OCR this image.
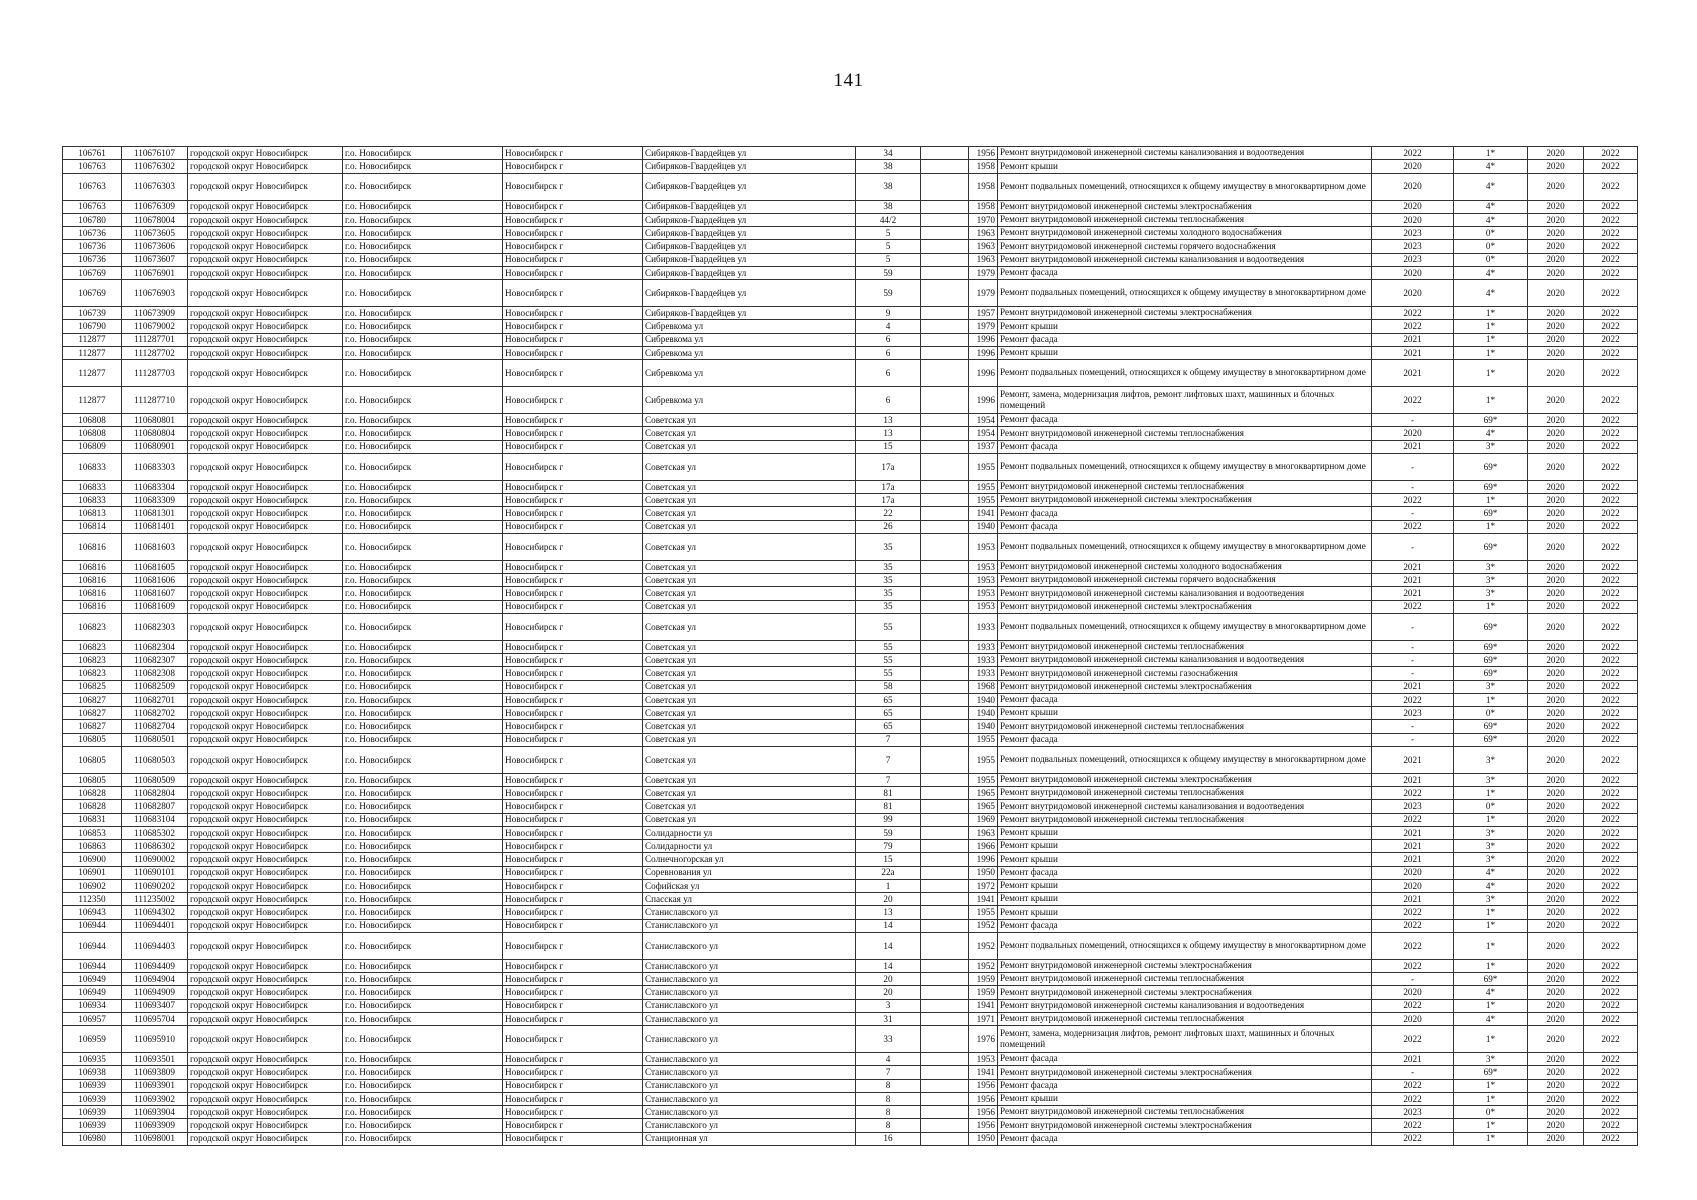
141
106761	110676107	городской округ Новосибирск	г.о. Новосибирск	Новосибирск г	Сибиряков-Гвардейцев ул	34		1956	Ремонт внутридомовой инженерной системы канализования и водоотведения	2022	1*	2020	2022
106763	110676302	городской округ Новосибирск	г.о. Новосибирск	Новосибирск г	Сибиряков-Гвардейцев ул	38		1958	Ремонт крыши	2020	4*	2020	2022
106763	110676303	городской округ Новосибирск	г.о. Новосибирск	Новосибирск г	Сибиряков-Гвардейцев ул	38		1958	Ремонт подвальных помещений, относящихся к общему имуществу в многоквартирном доме	2020	4*	2020	2022
106763	110676309	городской округ Новосибирск	г.о. Новосибирск	Новосибирск г	Сибиряков-Гвардейцев ул	38		1958	Ремонт внутридомовой инженерной системы электроснабжения	2020	4*	2020	2022
106780	110678004	городской округ Новосибирск	г.о. Новосибирск	Новосибирск г	Сибиряков-Гвардейцев ул	44/2		1970	Ремонт внутридомовой инженерной системы теплоснабжения	2020	4*	2020	2022
106736	110673605	городской округ Новосибирск	г.о. Новосибирск	Новосибирск г	Сибиряков-Гвардейцев ул	5		1963	Ремонт внутридомовой инженерной системы холодного водоснабжения	2023	0*	2020	2022
106736	110673606	городской округ Новосибирск	г.о. Новосибирск	Новосибирск г	Сибиряков-Гвардейцев ул	5		1963	Ремонт внутридомовой инженерной системы горячего водоснабжения	2023	0*	2020	2022
106736	110673607	городской округ Новосибирск	г.о. Новосибирск	Новосибирск г	Сибиряков-Гвардейцев ул	5		1963	Ремонт внутридомовой инженерной системы канализования и водоотведения	2023	0*	2020	2022
106769	110676901	городской округ Новосибирск	г.о. Новосибирск	Новосибирск г	Сибиряков-Гвардейцев ул	59		1979	Ремонт фасада	2020	4*	2020	2022
106769	110676903	городской округ Новосибирск	г.о. Новосибирск	Новосибирск г	Сибиряков-Гвардейцев ул	59		1979	Ремонт подвальных помещений, относящихся к общему имуществу в многоквартирном доме	2020	4*	2020	2022
106739	110673909	городской округ Новосибирск	г.о. Новосибирск	Новосибирск г	Сибиряков-Гвардейцев ул	9		1957	Ремонт внутридомовой инженерной системы электроснабжения	2022	1*	2020	2022
106790	110679002	городской округ Новосибирск	г.о. Новосибирск	Новосибирск г	Сибревкома ул	4		1979	Ремонт крыши	2022	1*	2020	2022
112877	111287701	городской округ Новосибирск	г.о. Новосибирск	Новосибирск г	Сибревкома ул	6		1996	Ремонт фасада	2021	1*	2020	2022
112877	111287702	городской округ Новосибирск	г.о. Новосибирск	Новосибирск г	Сибревкома ул	6		1996	Ремонт крыши	2021	1*	2020	2022
112877	111287703	городской округ Новосибирск	г.о. Новосибирск	Новосибирск г	Сибревкома ул	6		1996	Ремонт подвальных помещений, относящихся к общему имуществу в многоквартирном доме	2021	1*	2020	2022
112877	111287710	городской округ Новосибирск	г.о. Новосибирск	Новосибирск г	Сибревкома ул	6		1996	Ремонт, замена, модернизация лифтов, ремонт лифтовых шахт, машинных и блочных помещений	2022	1*	2020	2022
106808	110680801	городской округ Новосибирск	г.о. Новосибирск	Новосибирск г	Советская ул	13		1954	Ремонт фасада	-	69*	2020	2022
106808	110680804	городской округ Новосибирск	г.о. Новосибирск	Новосибирск г	Советская ул	13		1954	Ремонт внутридомовой инженерной системы теплоснабжения	2020	4*	2020	2022
106809	110680901	городской округ Новосибирск	г.о. Новосибирск	Новосибирск г	Советская ул	15		1937	Ремонт фасада	2021	3*	2020	2022
106833	110683303	городской округ Новосибирск	г.о. Новосибирск	Новосибирск г	Советская ул	17а		1955	Ремонт подвальных помещений, относящихся к общему имуществу в многоквартирном доме	-	69*	2020	2022
106833	110683304	городской округ Новосибирск	г.о. Новосибирск	Новосибирск г	Советская ул	17а		1955	Ремонт внутридомовой инженерной системы теплоснабжения	-	69*	2020	2022
106833	110683309	городской округ Новосибирск	г.о. Новосибирск	Новосибирск г	Советская ул	17а		1955	Ремонт внутридомовой инженерной системы электроснабжения	2022	1*	2020	2022
106813	110681301	городской округ Новосибирск	г.о. Новосибирск	Новосибирск г	Советская ул	22		1941	Ремонт фасада	-	69*	2020	2022
106814	110681401	городской округ Новосибирск	г.о. Новосибирск	Новосибирск г	Советская ул	26		1940	Ремонт фасада	2022	1*	2020	2022
106816	110681603	городской округ Новосибирск	г.о. Новосибирск	Новосибирск г	Советская ул	35		1953	Ремонт подвальных помещений, относящихся к общему имуществу в многоквартирном доме	-	69*	2020	2022
106816	110681605	городской округ Новосибирск	г.о. Новосибирск	Новосибирск г	Советская ул	35		1953	Ремонт внутридомовой инженерной системы холодного водоснабжения	2021	3*	2020	2022
106816	110681606	городской округ Новосибирск	г.о. Новосибирск	Новосибирск г	Советская ул	35		1953	Ремонт внутридомовой инженерной системы горячего водоснабжения	2021	3*	2020	2022
106816	110681607	городской округ Новосибирск	г.о. Новосибирск	Новосибирск г	Советская ул	35		1953	Ремонт внутридомовой инженерной системы канализования и водоотведения	2021	3*	2020	2022
106816	110681609	городской округ Новосибирск	г.о. Новосибирск	Новосибирск г	Советская ул	35		1953	Ремонт внутридомовой инженерной системы электроснабжения	2022	1*	2020	2022
106823	110682303	городской округ Новосибирск	г.о. Новосибирск	Новосибирск г	Советская ул	55		1933	Ремонт подвальных помещений, относящихся к общему имуществу в многоквартирном доме	-	69*	2020	2022
106823	110682304	городской округ Новосибирск	г.о. Новосибирск	Новосибирск г	Советская ул	55		1933	Ремонт внутридомовой инженерной системы теплоснабжения	-	69*	2020	2022
106823	110682307	городской округ Новосибирск	г.о. Новосибирск	Новосибирск г	Советская ул	55		1933	Ремонт внутридомовой инженерной системы канализования и водоотведения	-	69*	2020	2022
106823	110682308	городской округ Новосибирск	г.о. Новосибирск	Новосибирск г	Советская ул	55		1933	Ремонт внутридомовой инженерной системы газоснабжения	-	69*	2020	2022
106825	110682509	городской округ Новосибирск	г.о. Новосибирск	Новосибирск г	Советская ул	58		1968	Ремонт внутридомовой инженерной системы электроснабжения	2021	3*	2020	2022
106827	110682701	городской округ Новосибирск	г.о. Новосибирск	Новосибирск г	Советская ул	65		1940	Ремонт фасада	2022	1*	2020	2022
106827	110682702	городской округ Новосибирск	г.о. Новосибирск	Новосибирск г	Советская ул	65		1940	Ремонт крыши	2023	0*	2020	2022
106827	110682704	городской округ Новосибирск	г.о. Новосибирск	Новосибирск г	Советская ул	65		1940	Ремонт внутридомовой инженерной системы теплоснабжения	-	69*	2020	2022
106805	110680501	городской округ Новосибирск	г.о. Новосибирск	Новосибирск г	Советская ул	7		1955	Ремонт фасада	-	69*	2020	2022
106805	110680503	городской округ Новосибирск	г.о. Новосибирск	Новосибирск г	Советская ул	7		1955	Ремонт подвальных помещений, относящихся к общему имуществу в многоквартирном доме	2021	3*	2020	2022
106805	110680509	городской округ Новосибирск	г.о. Новосибирск	Новосибирск г	Советская ул	7		1955	Ремонт внутридомовой инженерной системы электроснабжения	2021	3*	2020	2022
106828	110682804	городской округ Новосибирск	г.о. Новосибирск	Новосибирск г	Советская ул	81		1965	Ремонт внутридомовой инженерной системы теплоснабжения	2022	1*	2020	2022
106828	110682807	городской округ Новосибирск	г.о. Новосибирск	Новосибирск г	Советская ул	81		1965	Ремонт внутридомовой инженерной системы канализования и водоотведения	2023	0*	2020	2022
106831	110683104	городской округ Новосибирск	г.о. Новосибирск	Новосибирск г	Советская ул	99		1969	Ремонт внутридомовой инженерной системы теплоснабжения	2022	1*	2020	2022
106853	110685302	городской округ Новосибирск	г.о. Новосибирск	Новосибирск г	Солидарности ул	59		1963	Ремонт крыши	2021	3*	2020	2022
106863	110686302	городской округ Новосибирск	г.о. Новосибирск	Новосибирск г	Солидарности ул	79		1966	Ремонт крыши	2021	3*	2020	2022
106900	110690002	городской округ Новосибирск	г.о. Новосибирск	Новосибирск г	Солнечногорская ул	15		1996	Ремонт крыши	2021	3*	2020	2022
106901	110690101	городской округ Новосибирск	г.о. Новосибирск	Новосибирск г	Соревнования ул	22а		1950	Ремонт фасада	2020	4*	2020	2022
106902	110690202	городской округ Новосибирск	г.о. Новосибирск	Новосибирск г	Софийская ул	1		1972	Ремонт крыши	2020	4*	2020	2022
112350	111235002	городской округ Новосибирск	г.о. Новосибирск	Новосибирск г	Спасская ул	20		1941	Ремонт крыши	2021	3*	2020	2022
106943	110694302	городской округ Новосибирск	г.о. Новосибирск	Новосибирск г	Станиславского ул	13		1955	Ремонт крыши	2022	1*	2020	2022
106944	110694401	городской округ Новосибирск	г.о. Новосибирск	Новосибирск г	Станиславского ул	14		1952	Ремонт фасада	2022	1*	2020	2022
106944	110694403	городской округ Новосибирск	г.о. Новосибирск	Новосибирск г	Станиславского ул	14		1952	Ремонт подвальных помещений, относящихся к общему имуществу в многоквартирном доме	2022	1*	2020	2022
106944	110694409	городской округ Новосибирск	г.о. Новосибирск	Новосибирск г	Станиславского ул	14		1952	Ремонт внутридомовой инженерной системы электроснабжения	2022	1*	2020	2022
106949	110694904	городской округ Новосибирск	г.о. Новосибирск	Новосибирск г	Станиславского ул	20		1959	Ремонт внутридомовой инженерной системы теплоснабжения	-	69*	2020	2022
106949	110694909	городской округ Новосибирск	г.о. Новосибирск	Новосибирск г	Станиславского ул	20		1959	Ремонт внутридомовой инженерной системы электроснабжения	2020	4*	2020	2022
106934	110693407	городской округ Новосибирск	г.о. Новосибирск	Новосибирск г	Станиславского ул	3		1941	Ремонт внутридомовой инженерной системы канализования и водоотведения	2022	1*	2020	2022
106957	110695704	городской округ Новосибирск	г.о. Новосибирск	Новосибирск г	Станиславского ул	31		1971	Ремонт внутридомовой инженерной системы теплоснабжения	2020	4*	2020	2022
106959	110695910	городской округ Новосибирск	г.о. Новосибирск	Новосибирск г	Станиславского ул	33		1976	Ремонт, замена, модернизация лифтов, ремонт лифтовых шахт, машинных и блочных помещений	2022	1*	2020	2022
106935	110693501	городской округ Новосибирск	г.о. Новосибирск	Новосибирск г	Станиславского ул	4		1953	Ремонт фасада	2021	3*	2020	2022
106938	110693809	городской округ Новосибирск	г.о. Новосибирск	Новосибирск г	Станиславского ул	7		1941	Ремонт внутридомовой инженерной системы электроснабжения	-	69*	2020	2022
106939	110693901	городской округ Новосибирск	г.о. Новосибирск	Новосибирск г	Станиславского ул	8		1956	Ремонт фасада	2022	1*	2020	2022
106939	110693902	городской округ Новосибирск	г.о. Новосибирск	Новосибирск г	Станиславского ул	8		1956	Ремонт крыши	2022	1*	2020	2022
106939	110693904	городской округ Новосибирск	г.о. Новосибирск	Новосибирск г	Станиславского ул	8		1956	Ремонт внутридомовой инженерной системы теплоснабжения	2023	0*	2020	2022
106939	110693909	городской округ Новосибирск	г.о. Новосибирск	Новосибирск г	Станиславского ул	8		1956	Ремонт внутридомовой инженерной системы электроснабжения	2022	1*	2020	2022
106980	110698001	городской округ Новосибирск	г.о. Новосибирск	Новосибирск г	Станционная ул	16		1950	Ремонт фасада	2022	1*	2020	2022
